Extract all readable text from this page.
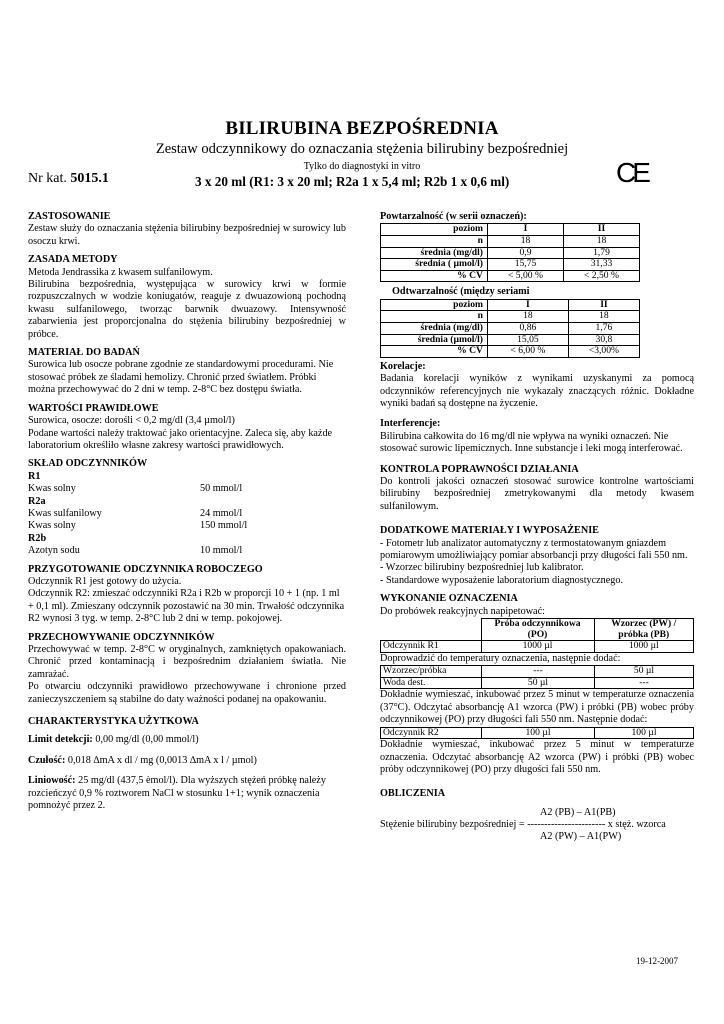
BILIRUBINA BEZPOŚREDNIA
Zestaw odczynnikowy do oznaczania stężenia bilirubiny bezpośredniej
Tylko do diagnostyki in vitro
Nr kat. 5015.1	3 x 20 ml (R1: 3 x 20 ml; R2a 1 x 5,4 ml; R2b 1 x 0,6 ml)	CE
ZASTOSOWANIE

Zestaw służy do oznaczania stężenia bilirubiny bezpośredniej w surowicy lub osoczu krwi.

ZASADA METODY

Metoda Jendrassika z kwasem sulfanilowym.

Bilirubina bezpośrednia, występująca w surowicy krwi w formie rozpuszczalnych w wodzie koniugatów, reaguje z dwuazowioną pochodną kwasu sulfanilowego, tworząc barwnik dwuazowy. Intensywność zabarwienia jest proporcjonalna do stężenia bilirubiny bezpośredniej w próbce.

MATERIAŁ DO BADAŃ

Surowica lub osocze pobrane zgodnie ze standardowymi procedurami. Nie stosować próbek ze śladami hemolizy. Chronić przed światłem. Próbki można przechowywać do 2 dni w temp. 2-8°C bez dostępu światła.

WARTOŚCI PRAWIDŁOWE

Surowica, osocze: dorośli < 0,2 mg/dl (3,4 µmol/l)

Podane wartości należy traktować jako orientacyjne. Zaleca się, aby każde laboratorium określiło własne zakresy wartości prawidłowych.

SKŁAD ODCZYNNIKÓW
R1
Kwas solny	50 mmol/l
R2a
Kwas sulfanilowy	24 mmol/l
Kwas solny	150 mmol/l
R2b
Azotyn sodu	10 mmol/l
PRZYGOTOWANIE ODCZYNNIKA ROBOCZEGO

Odczynnik R1 jest gotowy do użycia.

Odczynnik R2: zmieszać odczynniki R2a i R2b w proporcji 10 + 1 (np. 1 ml + 0,1 ml). Zmieszany odczynnik pozostawić na 30 min. Trwałość odczynnika R2 wynosi 3 tyg. w temp. 2-8°C lub 2 dni w temp. pokojowej.

PRZECHOWYWANIE ODCZYNNIKÓW

Przechowywać w temp. 2-8°C w oryginalnych, zamkniętych opakowaniach. Chronić przed kontaminacją i bezpośrednim działaniem światła. Nie zamrażać.

Po otwarciu odczynniki prawidłowo przechowywane i chronione przed zanieczyszczeniem są stabilne do daty ważności podanej na opakowaniu.

CHARAKTERYSTYKA UŻYTKOWA

Limit detekcji: 0,00 mg/dl (0,00 mmol/l)

Czułość: 0,018 ∆mA x dl / mg (0,0013 ∆mA x l / µmol)

Liniowość: 25 mg/dl (437,5 èmol/l). Dla wyższych stężeń próbkę należy rozcieńczyć 0,9 % roztworem NaCl w stosunku 1+1; wynik oznaczenia pomnożyć przez 2.

Powtarzalność (w serii oznaczeń):
poziom	I	II
n	18	18
średnia (mg/dl)	0,9	1,79
średnia ( µmol/l)	15,75	31,33
% CV	< 5,00 %	< 2,50 %
Odtwarzalność (między seriami
poziom	I	II
n	18	18
średnia (mg/dl)	0,86	1,76
średnia (µmol/l)	15,05	30,8
% CV	< 6,00 %	<3,00%
Korelacje:

Badania korelacji wyników z wynikami uzyskanymi za pomocą odczynników referencyjnych nie wykazały znaczących różnic. Dokładne wyniki badań są dostępne na życzenie.

Interferencje:

Bilirubina całkowita do 16 mg/dl nie wpływa na wyniki oznaczeń. Nie stosować surowic lipemicznych. Inne substancje i leki mogą interferować.

KONTROLA POPRAWNOŚCI DZIAŁANIA

Do kontroli jakości oznaczeń stosować surowice kontrolne wartościami bilirubiny bezpośredniej zmetrykowanymi dla metody kwasem sulfanilowym.

DODATKOWE MATERIAŁY I WYPOSAŻENIE

- Fotometr lub analizator automatyczny z termostatowanym gniazdem pomiarowym umożliwiający pomiar absorbancji przy długości fali 550 nm.

- Wzorzec bilirubiny bezpośredniej lub kalibrator.

- Standardowe wyposażenie laboratorium diagnostycznego.

WYKONANIE OZNACZENIA

Do probówek reakcyjnych napipetować:

	Próba odczynnikowa (PO)	Wzorzec (PW) / próbka (PB)
Odczynnik R1	1000 µl	1000 µl

Doprowadzić do temperatury oznaczenia, następnie dodać:

Wzorzec/próbka	---	50 µl
Woda dest.	50 µl	---

Dokładnie wymieszać, inkubować przez 5 minut w temperaturze oznaczenia (37°C). Odczytać absorbancję A1 wzorca (PW) i próbki (PB) wobec próby odczynnikowej (PO) przy długości fali 550 nm. Następnie dodać:

Odczynnik R2	100 µl	100 µl

Dokładnie wymieszać, inkubować przez 5 minut w temperaturze oznaczenia. Odczytać absorbancję A2 wzorca (PW) i próbki (PB) wobec próby odczynnikowej (PO) przy długości fali 550 nm.

OBLICZENIA
A2 (PB) – A1(PB)
Stężenie bilirubiny bezpośredniej = ----------------------- x stęż. wzorca
A2 (PW) – A1(PW)
19-12-2007
